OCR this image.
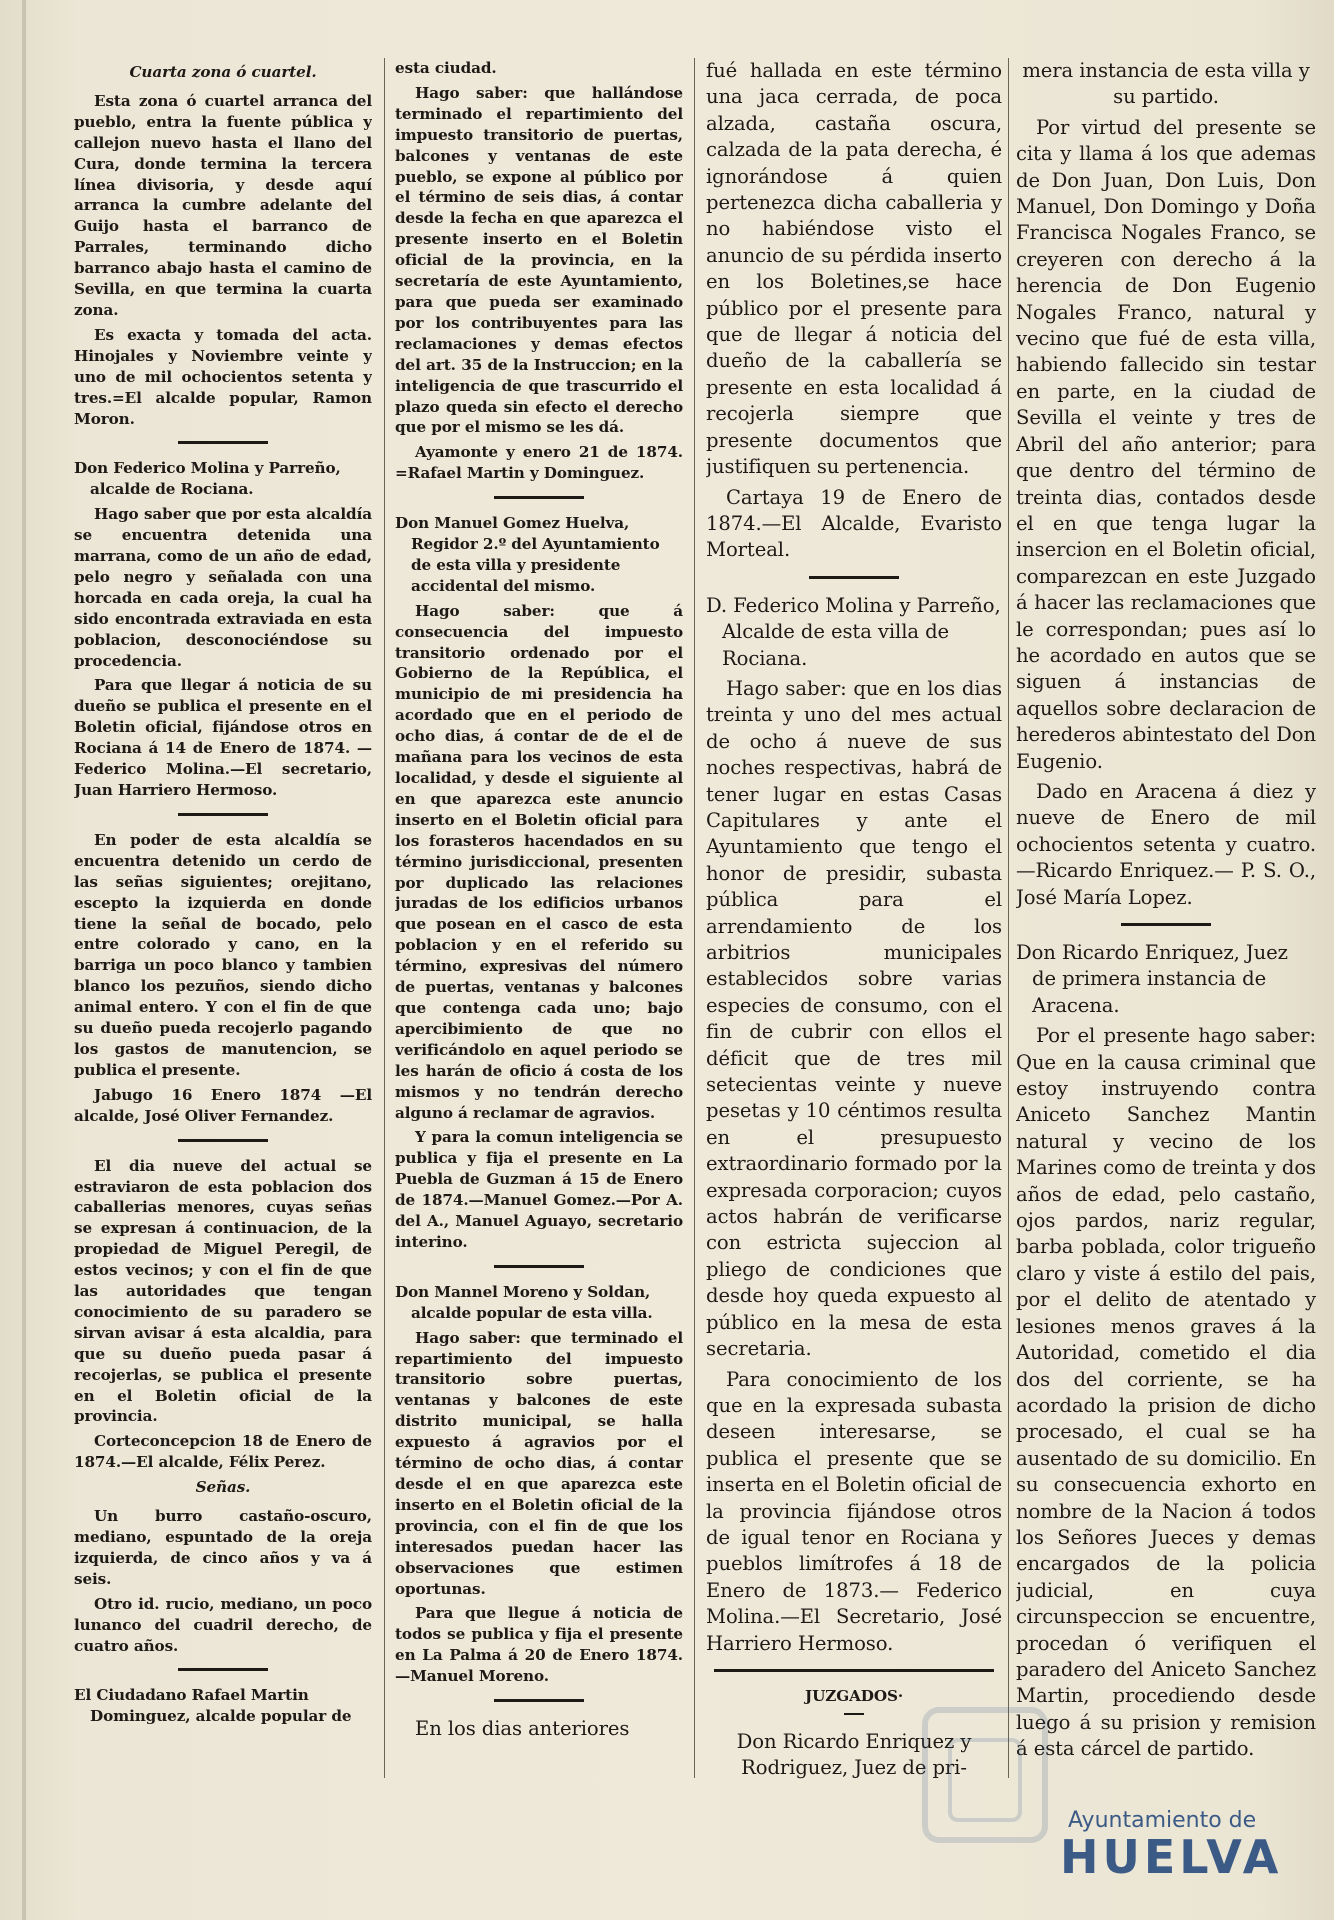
Cuarta zona ó cuartel.

Esta zona ó cuartel arranca del pueblo, entra la fuente pública y callejon nuevo hasta el llano del Cura, donde termina la tercera línea divisoria, y desde aquí arranca la cumbre adelante del Guijo hasta el barranco de Parrales, terminando dicho barranco abajo hasta el camino de Sevilla, en que termina la cuarta zona.

Es exacta y tomada del acta. Hinojales y Noviembre veinte y uno de mil ochocientos setenta y tres.=El alcalde popular, Ramon Moron.

Don Federico Molina y Parreño, alcalde de Rociana.

Hago saber que por esta alcaldía se encuentra detenida una marrana, como de un año de edad, pelo negro y señalada con una horcada en cada oreja, la cual ha sido encontrada extraviada en esta poblacion, desconociéndose su procedencia.

Para que llegar á noticia de su dueño se publica el presente en el Boletin oficial, fijándose otros en Rociana á 14 de Enero de 1874. —Federico Molina.—El secretario, Juan Harriero Hermoso.

En poder de esta alcaldía se encuentra detenido un cerdo de las señas siguientes; orejitano, escepto la izquierda en donde tiene la señal de bocado, pelo entre colorado y cano, en la barriga un poco blanco y tambien blanco los pezuños, siendo dicho animal entero. Y con el fin de que su dueño pueda recojerlo pagando los gastos de manutencion, se publica el presente.

Jabugo 16 Enero 1874 —El alcalde, José Oliver Fernandez.

El dia nueve del actual se estraviaron de esta poblacion dos caballerias menores, cuyas señas se expresan á continuacion, de la propiedad de Miguel Peregil, de estos vecinos; y con el fin de que las autoridades que tengan conocimiento de su paradero se sirvan avisar á esta alcaldia, para que su dueño pueda pasar á recojerlas, se publica el presente en el Boletin oficial de la provincia.

Corteconcepcion 18 de Enero de 1874.—El alcalde, Félix Perez.

Señas.

Un burro castaño-oscuro, mediano, espuntado de la oreja izquierda, de cinco años y va á seis.

Otro id. rucio, mediano, un poco lunanco del cuadril derecho, de cuatro años.

El Ciudadano Rafael Martin Dominguez, alcalde popular de

esta ciudad.

Hago saber: que hallándose terminado el repartimiento del impuesto transitorio de puertas, balcones y ventanas de este pueblo, se expone al público por el término de seis dias, á contar desde la fecha en que aparezca el presente inserto en el Boletin oficial de la provincia, en la secretaría de este Ayuntamiento, para que pueda ser examinado por los contribuyentes para las reclamaciones y demas efectos del art. 35 de la Instruccion; en la inteligencia de que trascurrido el plazo queda sin efecto el derecho que por el mismo se les dá.

Ayamonte y enero 21 de 1874. =Rafael Martin y Dominguez.

Don Manuel Gomez Huelva, Regidor 2.º del Ayuntamiento de esta villa y presidente accidental del mismo.

Hago saber: que á consecuencia del impuesto transitorio ordenado por el Gobierno de la República, el municipio de mi presidencia ha acordado que en el periodo de ocho dias, á contar de de el de mañana para los vecinos de esta localidad, y desde el siguiente al en que aparezca este anuncio inserto en el Boletin oficial para los forasteros hacendados en su término jurisdiccional, presenten por duplicado las relaciones juradas de los edificios urbanos que posean en el casco de esta poblacion y en el referido su término, expresivas del número de puertas, ventanas y balcones que contenga cada uno; bajo apercibimiento de que no verificándolo en aquel periodo se les harán de oficio á costa de los mismos y no tendrán derecho alguno á reclamar de agravios.

Y para la comun inteligencia se publica y fija el presente en La Puebla de Guzman á 15 de Enero de 1874.—Manuel Gomez.—Por A. del A., Manuel Aguayo, secretario interino.

Don Mannel Moreno y Soldan, alcalde popular de esta villa.

Hago saber: que terminado el repartimiento del impuesto transitorio sobre puertas, ventanas y balcones de este distrito municipal, se halla expuesto á agravios por el término de ocho dias, á contar desde el en que aparezca este inserto en el Boletin oficial de la provincia, con el fin de que los interesados puedan hacer las observaciones que estimen oportunas.

Para que llegue á noticia de todos se publica y fija el presente en La Palma á 20 de Enero 1874. —Manuel Moreno.

En los dias anteriores

fué hallada en este término una jaca cerrada, de poca alzada, castaña oscura, calzada de la pata derecha, é ignorándose á quien pertenezca dicha caballeria y no habiéndose visto el anuncio de su pérdida inserto en los Boletines,se hace público por el presente para que de llegar á noticia del dueño de la caballería se presente en esta localidad á recojerla siempre que presente documentos que justifiquen su pertenencia.

Cartaya 19 de Enero de 1874.—El Alcalde, Evaristo Morteal.

D. Federico Molina y Parreño, Alcalde de esta villa de Rociana.

Hago saber: que en los dias treinta y uno del mes actual de ocho á nueve de sus noches respectivas, habrá de tener lugar en estas Casas Capitulares y ante el Ayuntamiento que tengo el honor de presidir, subasta pública para el arrendamiento de los arbitrios municipales establecidos sobre varias especies de consumo, con el fin de cubrir con ellos el déficit que de tres mil setecientas veinte y nueve pesetas y 10 céntimos resulta en el presupuesto extraordinario formado por la expresada corporacion; cuyos actos habrán de verificarse con estricta sujeccion al pliego de condiciones que desde hoy queda expuesto al público en la mesa de esta secretaria.

Para conocimiento de los que en la expresada subasta deseen interesarse, se publica el presente que se inserta en el Boletin oficial de la provincia fijándose otros de igual tenor en Rociana y pueblos limítrofes á 18 de Enero de 1873.— Federico Molina.—El Secretario, José Harriero Hermoso.

JUZGADOS·

Don Ricardo Enriquez y Rodriguez, Juez de pri-

mera instancia de esta villa y su partido.

Por virtud del presente se cita y llama á los que ademas de Don Juan, Don Luis, Don Manuel, Don Domingo y Doña Francisca Nogales Franco, se creyeren con derecho á la herencia de Don Eugenio Nogales Franco, natural y vecino que fué de esta villa, habiendo fallecido sin testar en parte, en la ciudad de Sevilla el veinte y tres de Abril del año anterior; para que dentro del término de treinta dias, contados desde el en que tenga lugar la insercion en el Boletin oficial, comparezcan en este Juzgado á hacer las reclamaciones que le correspondan; pues así lo he acordado en autos que se siguen á instancias de aquellos sobre declaracion de herederos abintestato del Don Eugenio.

Dado en Aracena á diez y nueve de Enero de mil ochocientos setenta y cuatro.—Ricardo Enriquez.— P. S. O., José María Lopez.

Don Ricardo Enriquez, Juez de primera instancia de Aracena.

Por el presente hago saber: Que en la causa criminal que estoy instruyendo contra Aniceto Sanchez Mantin natural y vecino de los Marines como de treinta y dos años de edad, pelo castaño, ojos pardos, nariz regular, barba poblada, color trigueño claro y viste á estilo del pais, por el delito de atentado y lesiones menos graves á la Autoridad, cometido el dia dos del corriente, se ha acordado la prision de dicho procesado, el cual se ha ausentado de su domicilio. En su consecuencia exhorto en nombre de la Nacion á todos los Señores Jueces y demas encargados de la policia judicial, en cuya circunspeccion se encuentre, procedan ó verifiquen el paradero del Aniceto Sanchez Martin, procediendo desde luego á su prision y remision á esta cárcel de partido.

Ayuntamiento de
HUELVA
